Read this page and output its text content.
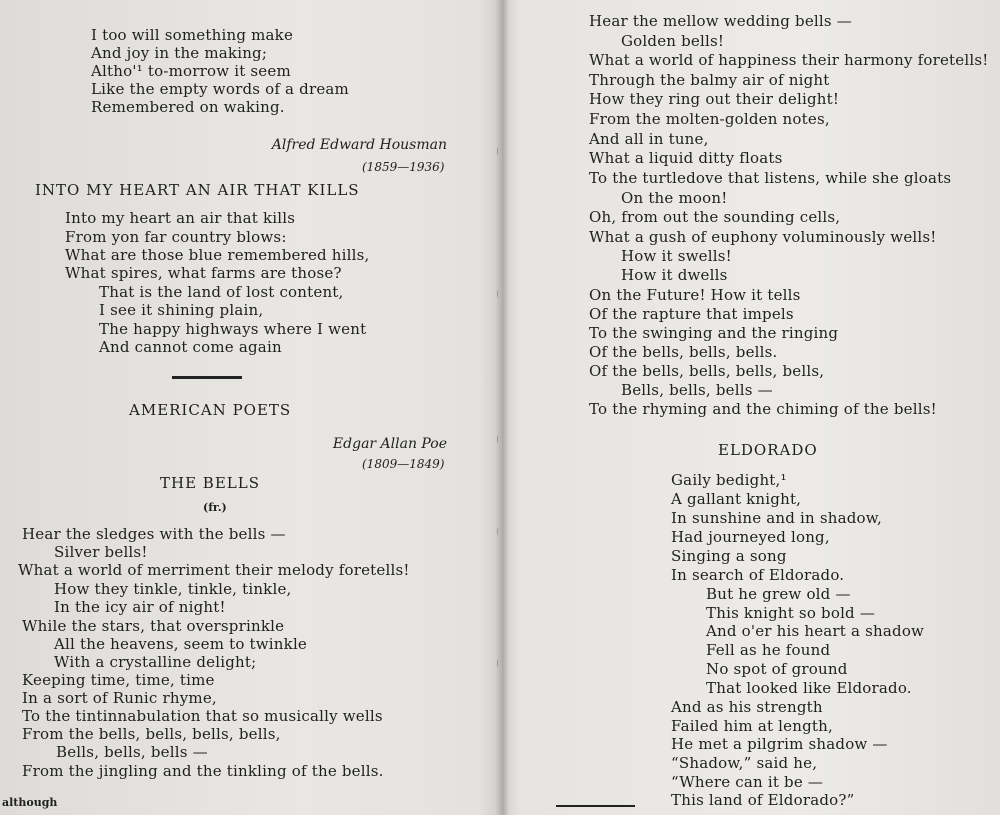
I too will something make
And joy in the making;
Altho'¹ to-morrow it seem
Like the empty words of a dream
Remembered on waking.
Alfred Edward Housman
(1859—1936)
INTO MY HEART AN AIR THAT KILLS
Into my heart an air that kills
From yon far country blows:
What are those blue remembered hills,
What spires, what farms are those?
That is the land of lost content,
I see it shining plain,
The happy highways where I went
And cannot come again
AMERICAN POETS
Edgar Allan Poe
(1809—1849)
THE BELLS
(fr.)
Hear the sledges with the bells —
Silver bells!
What a world of merriment their melody foretells!
How they tinkle, tinkle, tinkle,
In the icy air of night!
While the stars, that oversprinkle
All the heavens, seem to twinkle
With a crystalline delight;
Keeping time, time, time
In a sort of Runic rhyme,
To the tintinnabulation that so musically wells
From the bells, bells, bells, bells,
Bells, bells, bells —
From the jingling and the tinkling of the bells.
although
Hear the mellow wedding bells —
Golden bells!
What a world of happiness their harmony foretells!
Through the balmy air of night
How they ring out their delight!
From the molten-golden notes,
And all in tune,
What a liquid ditty floats
To the turtledove that listens, while she gloats
On the moon!
Oh, from out the sounding cells,
What a gush of euphony voluminously wells!
How it swells!
How it dwells
On the Future! How it tells
Of the rapture that impels
To the swinging and the ringing
Of the bells, bells, bells.
Of the bells, bells, bells, bells,
Bells, bells, bells —
To the rhyming and the chiming of the bells!
ELDORADO
Gaily bedight,¹
A gallant knight,
In sunshine and in shadow,
Had journeyed long,
Singing a song
In search of Eldorado.
But he grew old —
This knight so bold —
And o'er his heart a shadow
Fell as he found
No spot of ground
That looked like Eldorado.
And as his strength
Failed him at length,
He met a pilgrim shadow —
“Shadow,” said he,
“Where can it be —
This land of Eldorado?”
